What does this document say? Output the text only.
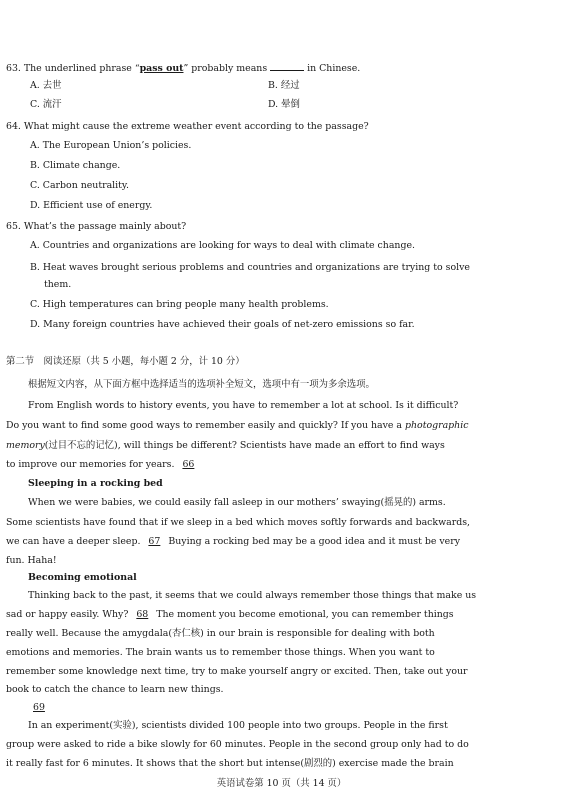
63. The underlined phrase “pass out” probably means	in Chinese.
A. 去世	B. 经过
C. 流汗	D. 晕倒
64. What might cause the extreme weather event according to the passage?
A. The European Union’s policies.
B. Climate change.
C. Carbon neutrality.
D. Efficient use of energy.
65. What’s the passage mainly about?
A. Countries and organizations are looking for ways to deal with climate change.
B. Heat waves brought serious problems and countries and organizations are trying to solve
them.
C. High temperatures can bring people many health problems.
D. Many foreign countries have achieved their goals of net-zero emissions so far.
第二节　阅读还原（共 5 小题，每小题 2 分，计 10 分）
根据短文内容，从下面方框中选择适当的选项补全短文，选项中有一项为多余选项。
From English words to history events, you have to remember a lot at school. Is it difficult?
Do you want to find some good ways to remember easily and quickly? If you have a photographic
memory(过目不忘的记忆), will things be different? Scientists have made an effort to find ways
to improve our memories for years. 66
Sleeping in a rocking bed
When we were babies, we could easily fall asleep in our mothers’ swaying(摇晃的) arms.
Some scientists have found that if we sleep in a bed which moves softly forwards and backwards,
we can have a deeper sleep. 67 Buying a rocking bed may be a good idea and it must be very
fun. Haha!
Becoming emotional
Thinking back to the past, it seems that we could always remember those things that make us
sad or happy easily. Why? 68 The moment you become emotional, you can remember things
really well. Because the amygdala(杏仁核) in our brain is responsible for dealing with both
emotions and memories. The brain wants us to remember those things. When you want to
remember some knowledge next time, try to make yourself angry or excited. Then, take out your
book to catch the chance to learn new things.
69
In an experiment(实验), scientists divided 100 people into two groups. People in the first
group were asked to ride a bike slowly for 60 minutes. People in the second group only had to do
it really fast for 6 minutes. It shows that the short but intense(剧烈的) exercise made the brain
英语试卷第 10 页（共 14 页）
